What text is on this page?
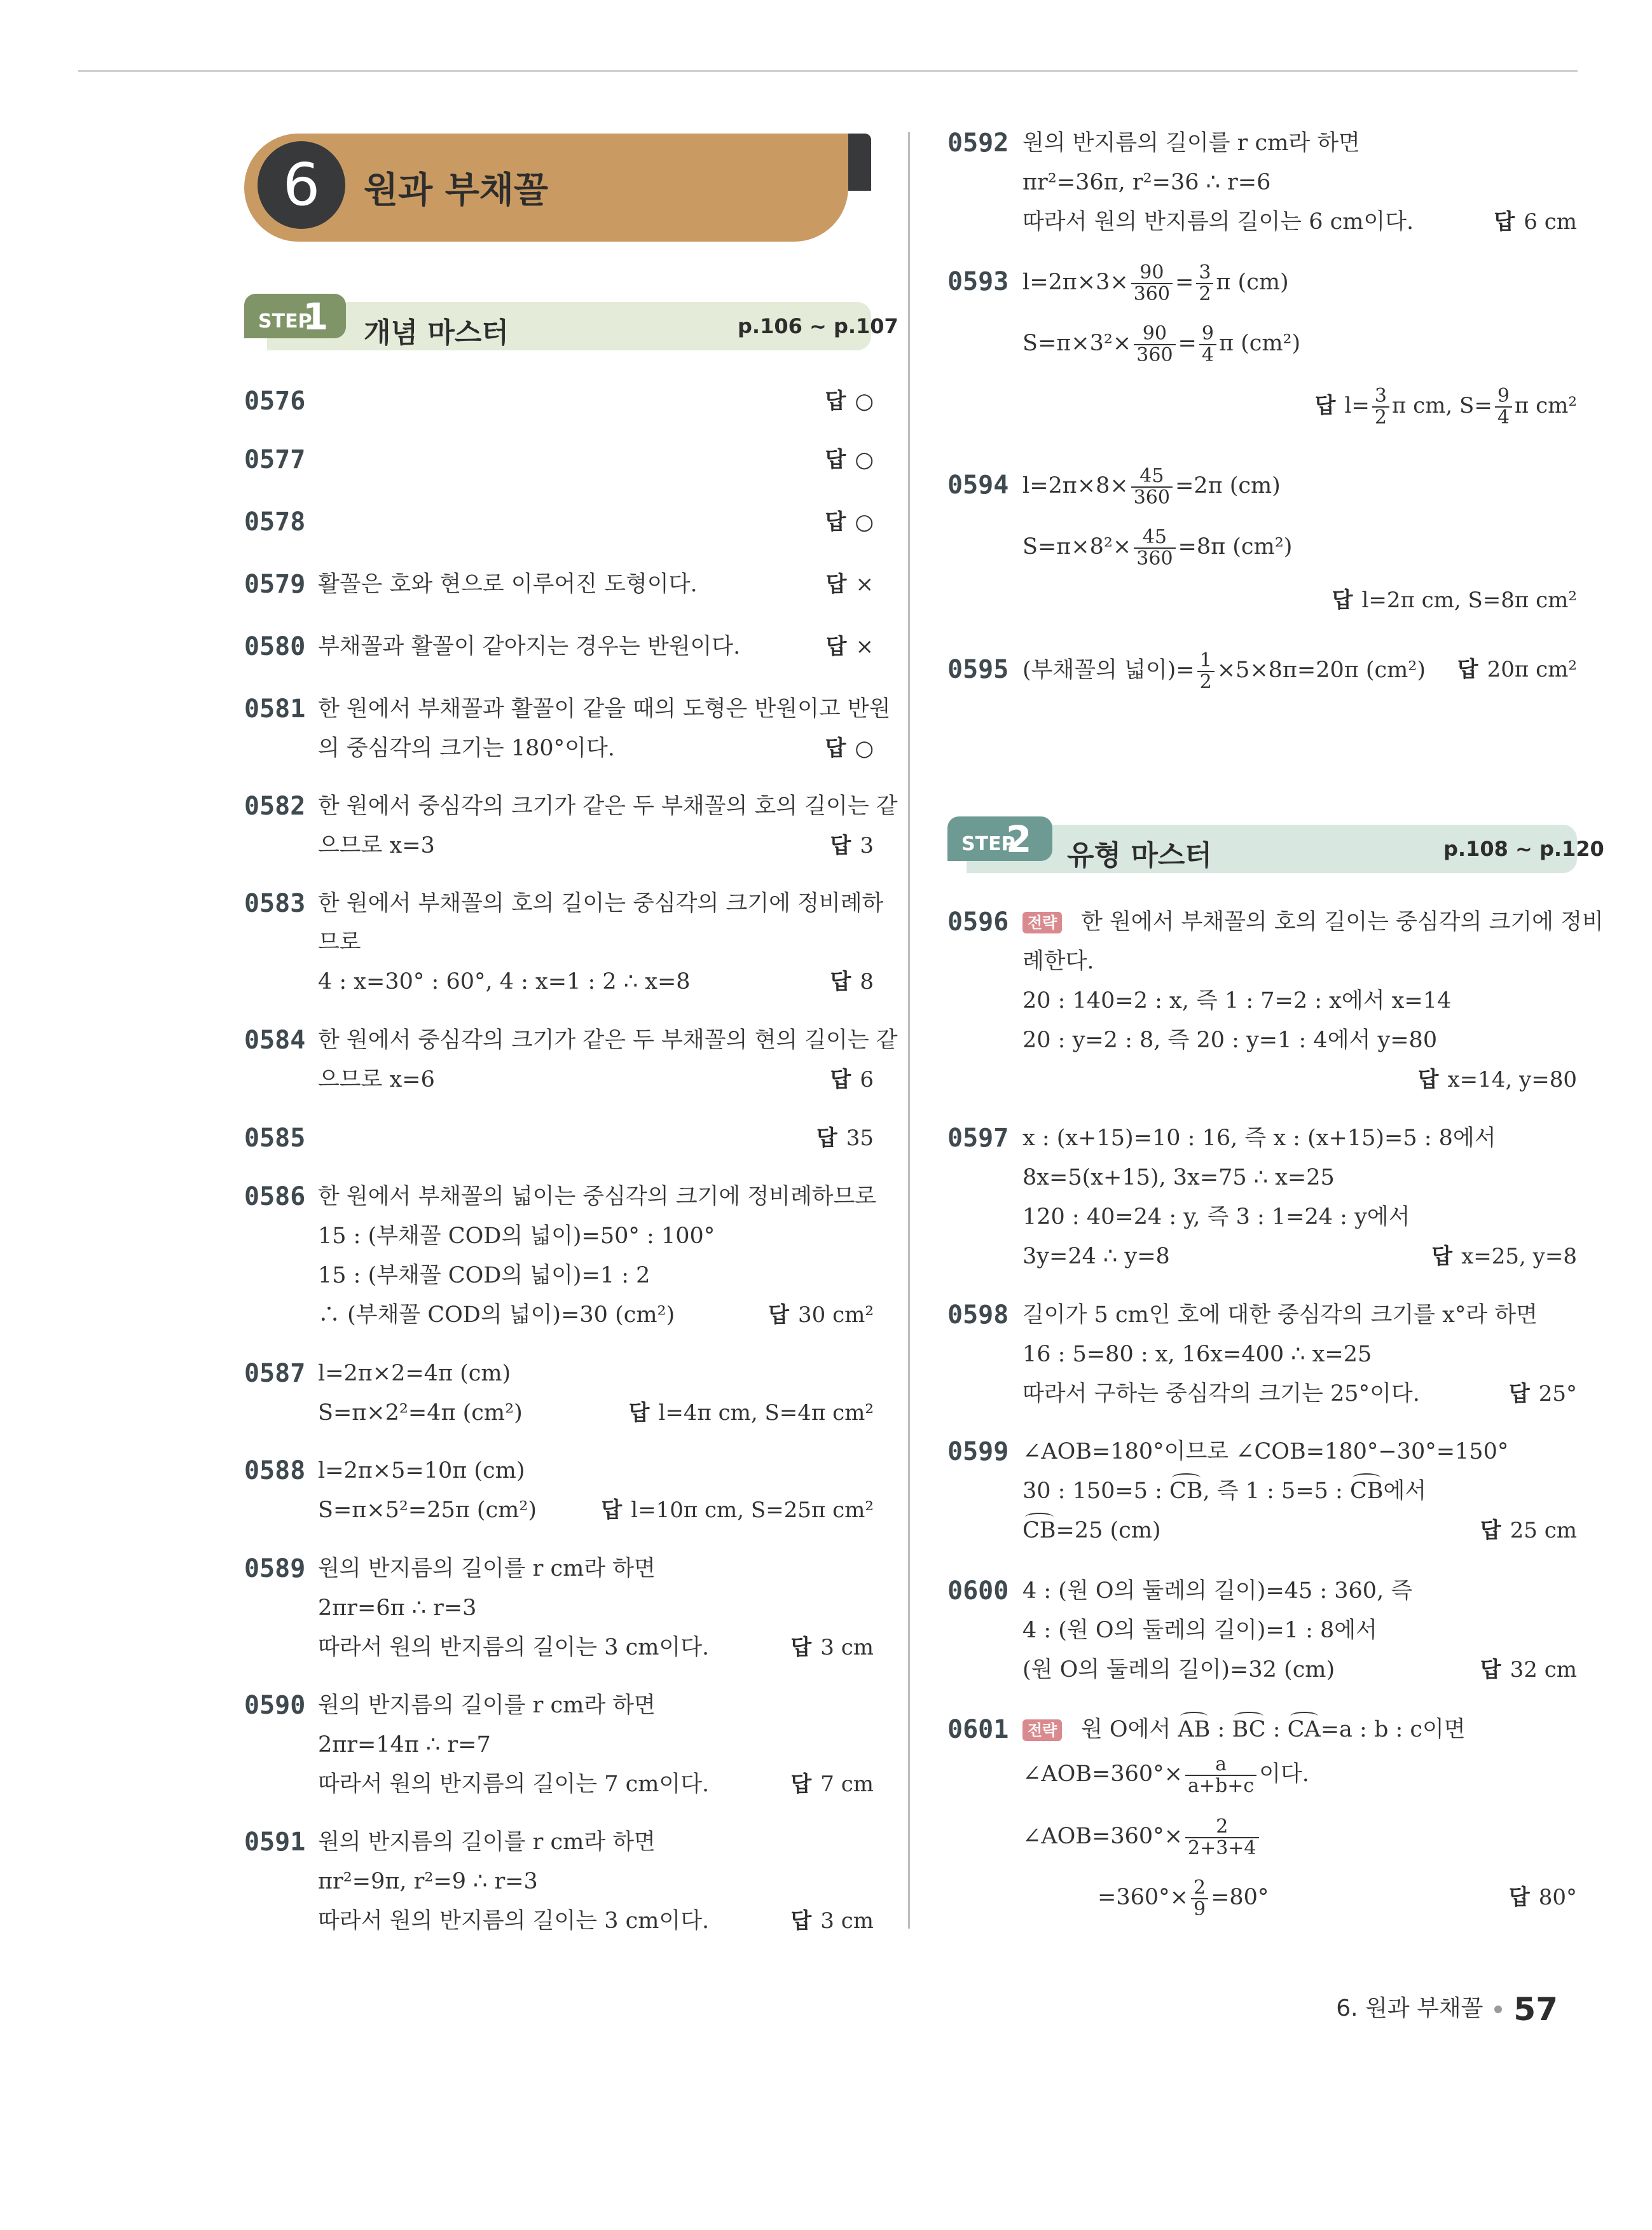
6	원과 부채꼴
STEP
1 개념 마스터	p.106 ~ p.107
STEP
2 유형 마스터	p.108 ~ p.120
0576	답 ○
0577	답 ○
0578	답 ○
0579 활꼴은 호와 현으로 이루어진 도형이다.	답 ×
0580 부채꼴과 활꼴이 같아지는 경우는 반원이다.	답 ×
0581 한 원에서 부채꼴과 활꼴이 같을 때의 도형은 반원이고 반원
의 중심각의 크기는 180°이다.	답 ○
0582 한 원에서 중심각의 크기가 같은 두 부채꼴의 호의 길이는 같
으므로 x=3	답 3
0583 한 원에서 부채꼴의 호의 길이는 중심각의 크기에 정비례하
므로
4 : x=30° : 60°, 4 : x=1 : 2 ∴ x=8	답 8
0584 한 원에서 중심각의 크기가 같은 두 부채꼴의 현의 길이는 같
으므로 x=6	답 6
0585	답 35
0586 한 원에서 부채꼴의 넓이는 중심각의 크기에 정비례하므로
15 : (부채꼴 COD의 넓이)=50° : 100°
15 : (부채꼴 COD의 넓이)=1 : 2
∴ (부채꼴 COD의 넓이)=30 (cm²)	답 30 cm²
0587 l=2π×2=4π (cm)
S=π×2²=4π (cm²)	답 l=4π cm, S=4π cm²
0588 l=2π×5=10π (cm)
S=π×5²=25π (cm²)	답 l=10π cm, S=25π cm²
0589 원의 반지름의 길이를 r cm라 하면
2πr=6π ∴ r=3
따라서 원의 반지름의 길이는 3 cm이다.	답 3 cm
0590 원의 반지름의 길이를 r cm라 하면
2πr=14π ∴ r=7
따라서 원의 반지름의 길이는 7 cm이다.	답 7 cm
0591 원의 반지름의 길이를 r cm라 하면
πr²=9π, r²=9 ∴ r=3
따라서 원의 반지름의 길이는 3 cm이다.	답 3 cm
0592 원의 반지름의 길이를 r cm라 하면
πr²=36π, r²=36 ∴ r=6
따라서 원의 반지름의 길이는 6 cm이다.	답 6 cm
0593 $l=2\pi\times 3\times \frac{90}{360} = \frac{3}{2}$ π (cm)
$S=\pi\times 3^2\times \frac{90}{360} = \frac{9}{4}$ π (cm²)
답 $l= \frac{3}{2}$ π cm, $S= \frac{9}{4}$ π cm²
0594 $l=2\pi\times 8\times \frac{45}{360} =2\pi$ (cm)
$S=\pi\times 8^2\times \frac{45}{360} =8\pi$ (cm²)
답 l=2π cm, S=8π cm²
0595 (부채꼴의 넓이)= $\frac{1}{2} \times 5\times 8\pi=20\pi$ (cm²) 답 20π cm²
0596	전략 한 원에서 부채꼴의 호의 길이는 중심각의 크기에 정비
례한다.
20 : 140=2 : x, 즉 1 : 7=2 : x에서 x=14
20 : y=2 : 8, 즉 20 : y=1 : 4에서 y=80
답 x=14, y=80
0597 x : (x+15)=10 : 16, 즉 x : (x+15)=5 : 8에서
8x=5(x+15), 3x=75 ∴ x=25
120 : 40=24 : y, 즉 3 : 1=24 : y에서
3y=24 ∴ y=8	답 x=25, y=8
0598 길이가 5 cm인 호에 대한 중심각의 크기를 x°라 하면
16 : 5=80 : x, 16x=400 ∴ x=25
따라서 구하는 중심각의 크기는 25°이다.	답 25°
0599 ∠AOB=180°이므로 ∠COB=180°−30°=150°
30 : 150=5 : CB, 즉 1 : 5=5 : CB에서
CB=25 (cm)	답 25 cm
0600 4 : (원 O의 둘레의 길이)=45 : 360, 즉
4 : (원 O의 둘레의 길이)=1 : 8에서
(원 O의 둘레의 길이)=32 (cm)	답 32 cm
0601	전략 원 O에서 AB : BC : CA=a : b : c이면
∠AOB=360°× $\frac{a}{a+b+c}$ 이다.
∠AOB=360°× $\frac{2}{2+3+4}$
$=360^\circ\times \frac{2}{9} =80^\circ$	답 80°
6. 원과 부채꼴 57
